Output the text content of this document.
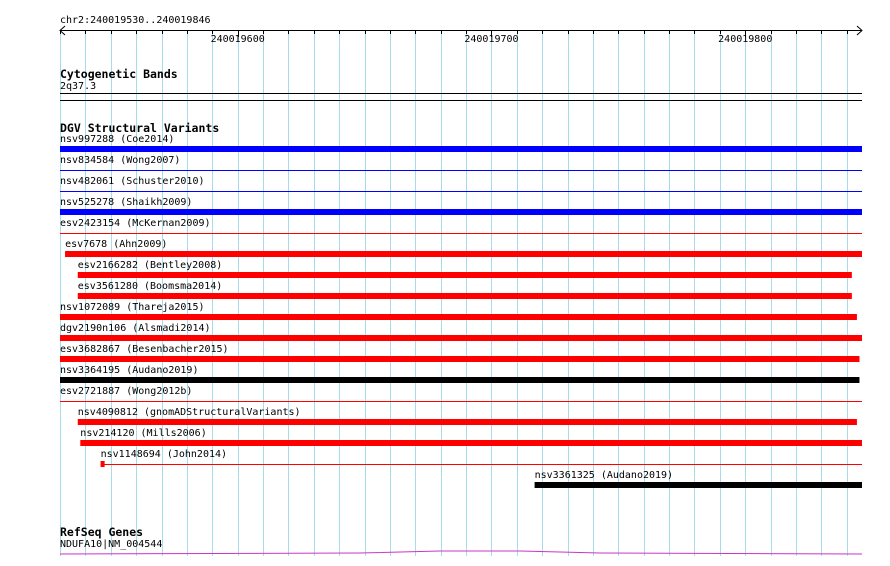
chr2:240019530..240019846
240019600	240019700	240019800
Cytogenetic Bands
2q37.3
DGV Structural Variants
nsv997288 (Coe2014)
nsv834584 (Wong2007)
nsv482061 (Schuster2010)
nsv525278 (Shaikh2009)
esv2423154 (McKernan2009)
esv7678 (Ahn2009)
esv2166282 (Bentley2008)
esv3561280 (Boomsma2014)
nsv1072089 (Thareja2015)
dgv2190n106 (Alsmadi2014)
esv3682867 (Besenbacher2015)
nsv3364195 (Audano2019)
esv2721887 (Wong2012b)
nsv4090812 (gnomADStructuralVariants)
nsv214120 (Mills2006)
nsv1148694 (John2014)
nsv3361325 (Audano2019)
RefSeq Genes
NDUFA10|NM_004544
